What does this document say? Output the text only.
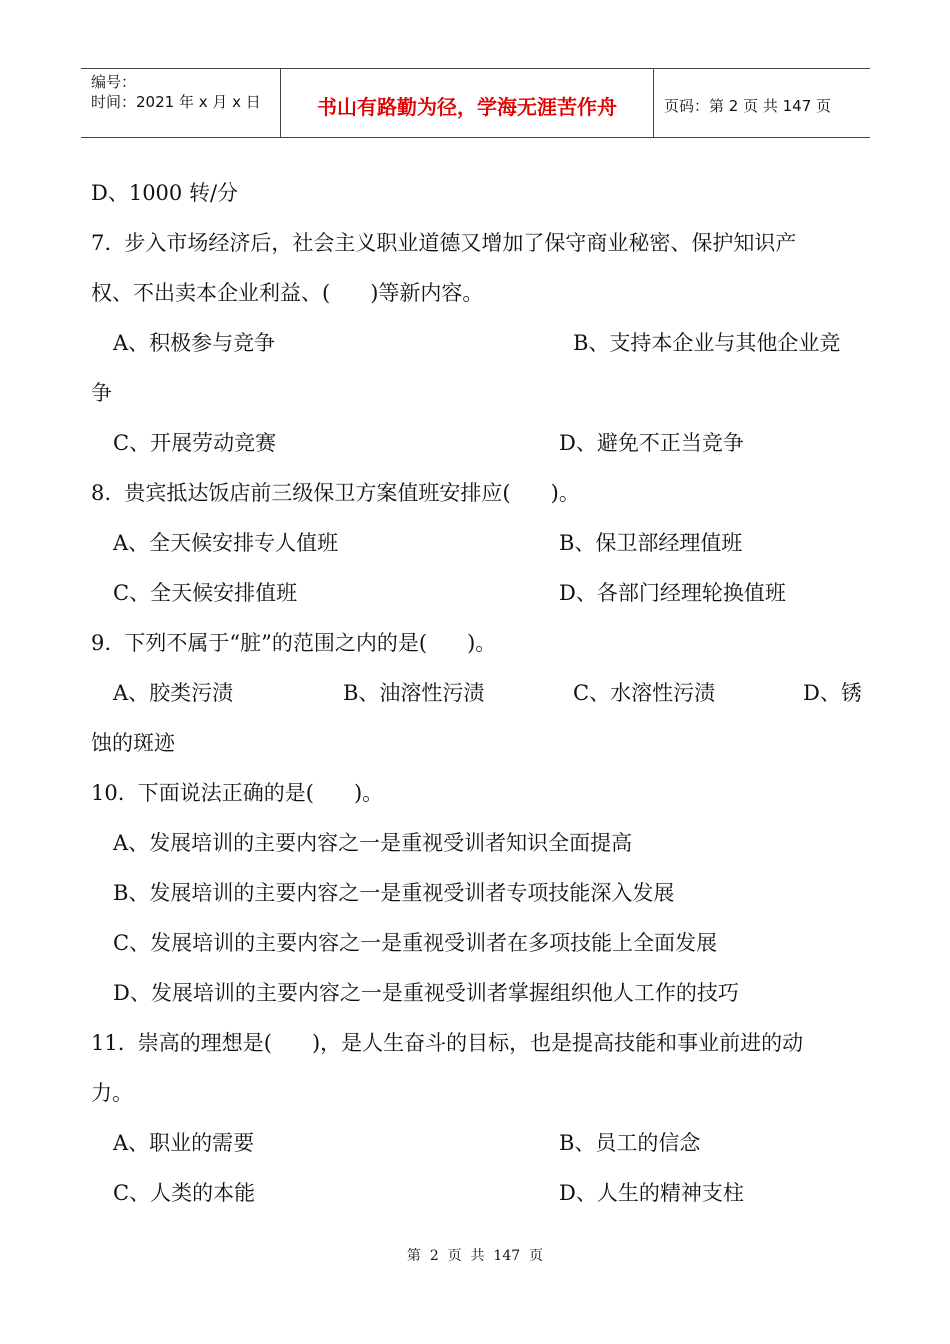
编号：
时间：2021 年 x 月 x 日	书山有路勤为径，学海无涯苦作舟	页码：第 2 页 共 147 页
D、1000 转/分
7.  步入市场经济后，社会主义职业道德又增加了保守商业秘密、保护知识产
权、不出卖本企业利益、(      )等新内容。
A、积极参与竞争	B、支持本企业与其他企业竞
争
C、开展劳动竞赛	D、避免不正当竞争
8.  贵宾抵达饭店前三级保卫方案值班安排应(      )。
A、全天候安排专人值班	B、保卫部经理值班
C、全天候安排值班	D、各部门经理轮换值班
9.  下列不属于“脏”的范围之内的是(      )。
A、胶类污渍	B、油溶性污渍	C、水溶性污渍	D、锈
蚀的斑迹
10.  下面说法正确的是(      )。
A、发展培训的主要内容之一是重视受训者知识全面提高
B、发展培训的主要内容之一是重视受训者专项技能深入发展
C、发展培训的主要内容之一是重视受训者在多项技能上全面发展
D、发展培训的主要内容之一是重视受训者掌握组织他人工作的技巧
11.  崇高的理想是(      )，是人生奋斗的目标，也是提高技能和事业前进的动
力。
A、职业的需要	B、员工的信念
C、人类的本能	D、人生的精神支柱
第  2  页  共  147  页
